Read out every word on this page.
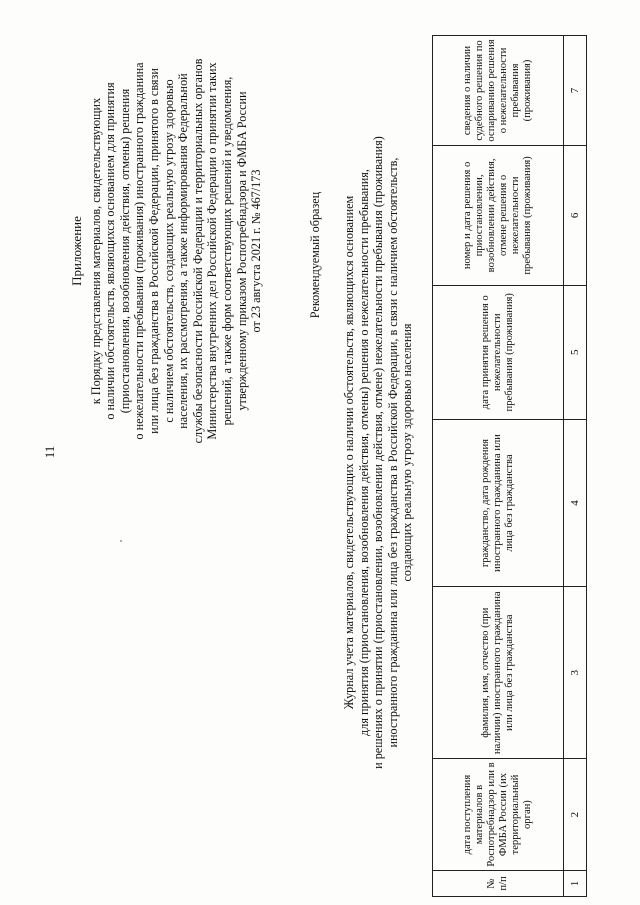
11
Приложение к Порядку представления материалов, свидетельствующих о наличии обстоятельств, являющихся основанием для принятия (приостановления, возобновления действия, отмены) решения о нежелательности пребывания (проживания) иностранного гражданина или лица без гражданства в Российской Федерации, принятого в связи с наличием обстоятельств, создающих реальную угрозу здоровью населения, их рассмотрения, а также информирования Федеральной службы безопасности Российской Федерации и территориальных органов Министерства внутренних дел Российской Федерации о принятии таких решений, а также форм соответствующих решений и уведомления, утвержденному приказом Роспотребнадзора и ФМБА России от 23 августа 2021 г. № 467/173	Рекомендуемый образец Журнал учета материалов, свидетельствующих о наличии обстоятельств, являющихся основанием для принятия (приостановления, возобновления действия, отмены) решения о нежелательности пребывания, и решениях о принятии (приостановлении, возобновлении действия, отмене) нежелательности пребывания (проживания) иностранного гражданина или лица без гражданства в Российской Федерации, в связи с наличием обстоятельств, создающих реальную угрозу здоровью населения
№ п/п	дата поступления материалов в Роспотребнадзор или в ФМБА России (их территориальный орган)	фамилия, имя, отчество (при наличии) иностранного гражданина или лица без гражданства	гражданство, дата рождения иностранного гражданина или лица без гражданства	дата принятия решения о нежелательности пребывания (проживания)	номер и дата решения о приостановлении, возобновлении действия, отмене решения о нежелательности пребывания (проживания)	сведения о наличии судебного решения по оспариванию решения о нежелательности пребывания (проживания)
1	2	3	4	5	6	7
